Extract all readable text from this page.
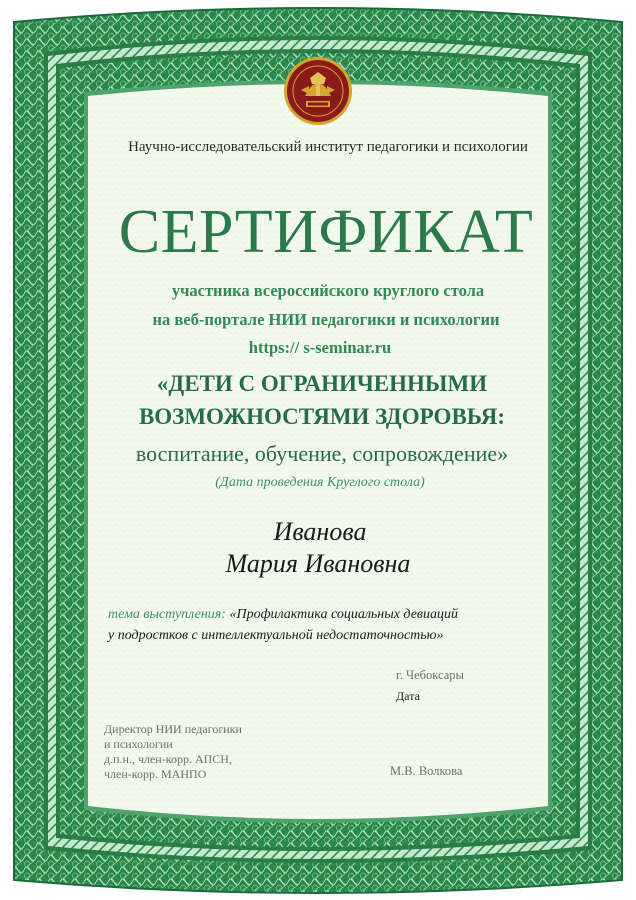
Научно-исследовательский институт педагогики и психологии
СЕРТИФИКАТ
участника всероссийского круглого стола
на веб-портале НИИ педагогики и психологии
https:// s-seminar.ru
«ДЕТИ С ОГРАНИЧЕННЫМИ
ВОЗМОЖНОСТЯМИ ЗДОРОВЬЯ:
воспитание, обучение, сопровождение»
(Дата проведения Круглого стола)
Иванова
Мария Ивановна
тема выступления: «Профилактика социальных девиаций
у подростков с интеллектуальной недостаточностью»
г. Чебоксары
Дата
Директор НИИ педагогики
и психологии
д.п.н., член-корр. АПСН,
член-корр. МАНПО	М.В. Волкова
